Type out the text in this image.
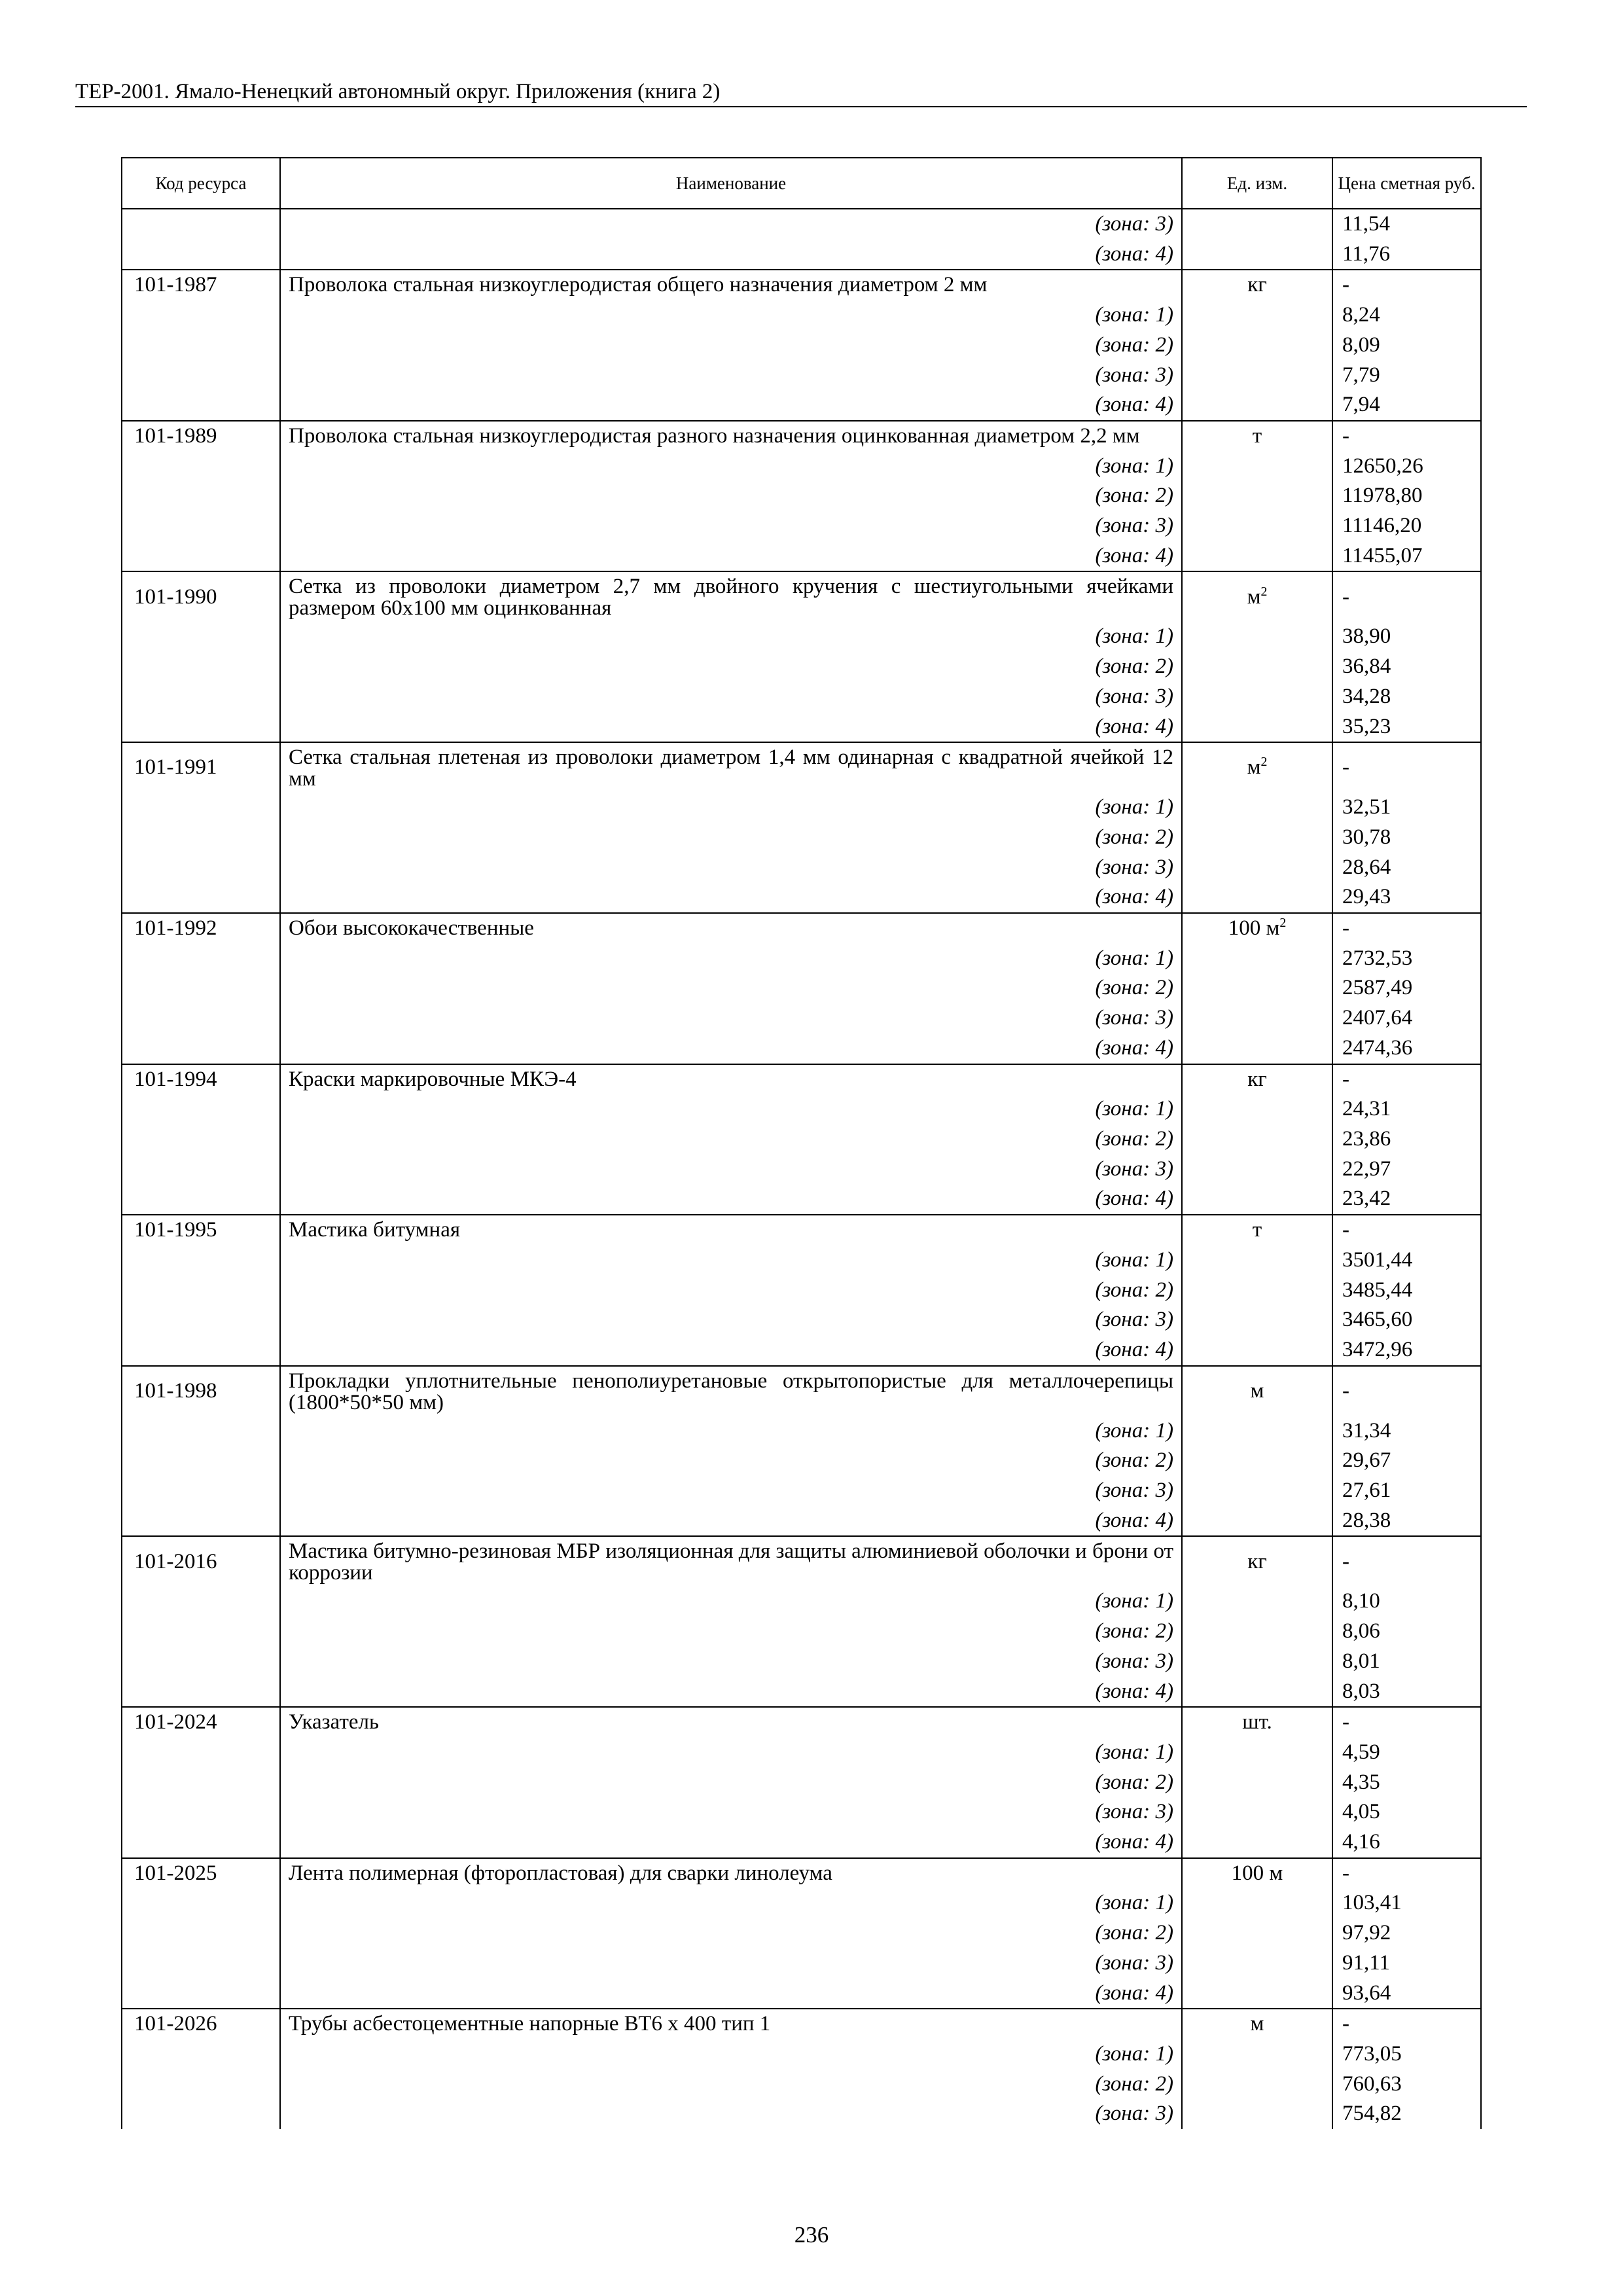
ТЕР-2001. Ямало-Ненецкий автономный округ. Приложения (книга 2)
Код ресурса	Наименование	Ед. изм.	Цена сметная руб.
	(зона: 3)		11,54
	(зона: 4)		11,76
101-1987	Проволока стальная низкоуглеродистая общего назначения диаметром 2 мм	кг	-
	(зона: 1)		8,24
	(зона: 2)		8,09
	(зона: 3)		7,79
	(зона: 4)		7,94
101-1989	Проволока стальная низкоуглеродистая разного назначения оцинкованная диаметром 2,2 мм	т	-
	(зона: 1)		12650,26
	(зона: 2)		11978,80
	(зона: 3)		11146,20
	(зона: 4)		11455,07
101-1990	Сетка из проволоки диаметром 2,7 мм двойного кручения с шестиугольными ячейками размером 60х100 мм оцинкованная	$м^2$	-
	(зона: 1)		38,90
	(зона: 2)		36,84
	(зона: 3)		34,28
	(зона: 4)		35,23
101-1991	Сетка стальная плетеная из проволоки диаметром 1,4 мм одинарная с квадратной ячейкой 12 мм	$м^2$	-
	(зона: 1)		32,51
	(зона: 2)		30,78
	(зона: 3)		28,64
	(зона: 4)		29,43
101-1992	Обои высококачественные	100 $м^2$	-
	(зона: 1)		2732,53
	(зона: 2)		2587,49
	(зона: 3)		2407,64
	(зона: 4)		2474,36
101-1994	Краски маркировочные МКЭ-4	кг	-
	(зона: 1)		24,31
	(зона: 2)		23,86
	(зона: 3)		22,97
	(зона: 4)		23,42
101-1995	Мастика битумная	т	-
	(зона: 1)		3501,44
	(зона: 2)		3485,44
	(зона: 3)		3465,60
	(зона: 4)		3472,96
101-1998	Прокладки уплотнительные пенополиуретановые открытопористые для металлочерепицы (1800*50*50 мм)	м	-
	(зона: 1)		31,34
	(зона: 2)		29,67
	(зона: 3)		27,61
	(зона: 4)		28,38
101-2016	Мастика битумно-резиновая МБР изоляционная для защиты алюминиевой оболочки и брони от коррозии	кг	-
	(зона: 1)		8,10
	(зона: 2)		8,06
	(зона: 3)		8,01
	(зона: 4)		8,03
101-2024	Указатель	шт.	-
	(зона: 1)		4,59
	(зона: 2)		4,35
	(зона: 3)		4,05
	(зона: 4)		4,16
101-2025	Лента полимерная (фторопластовая) для сварки линолеума	100 м	-
	(зона: 1)		103,41
	(зона: 2)		97,92
	(зона: 3)		91,11
	(зона: 4)		93,64
101-2026	Трубы асбестоцементные напорные ВТ6 х 400 тип 1	м	-
	(зона: 1)		773,05
	(зона: 2)		760,63
	(зона: 3)		754,82
236
